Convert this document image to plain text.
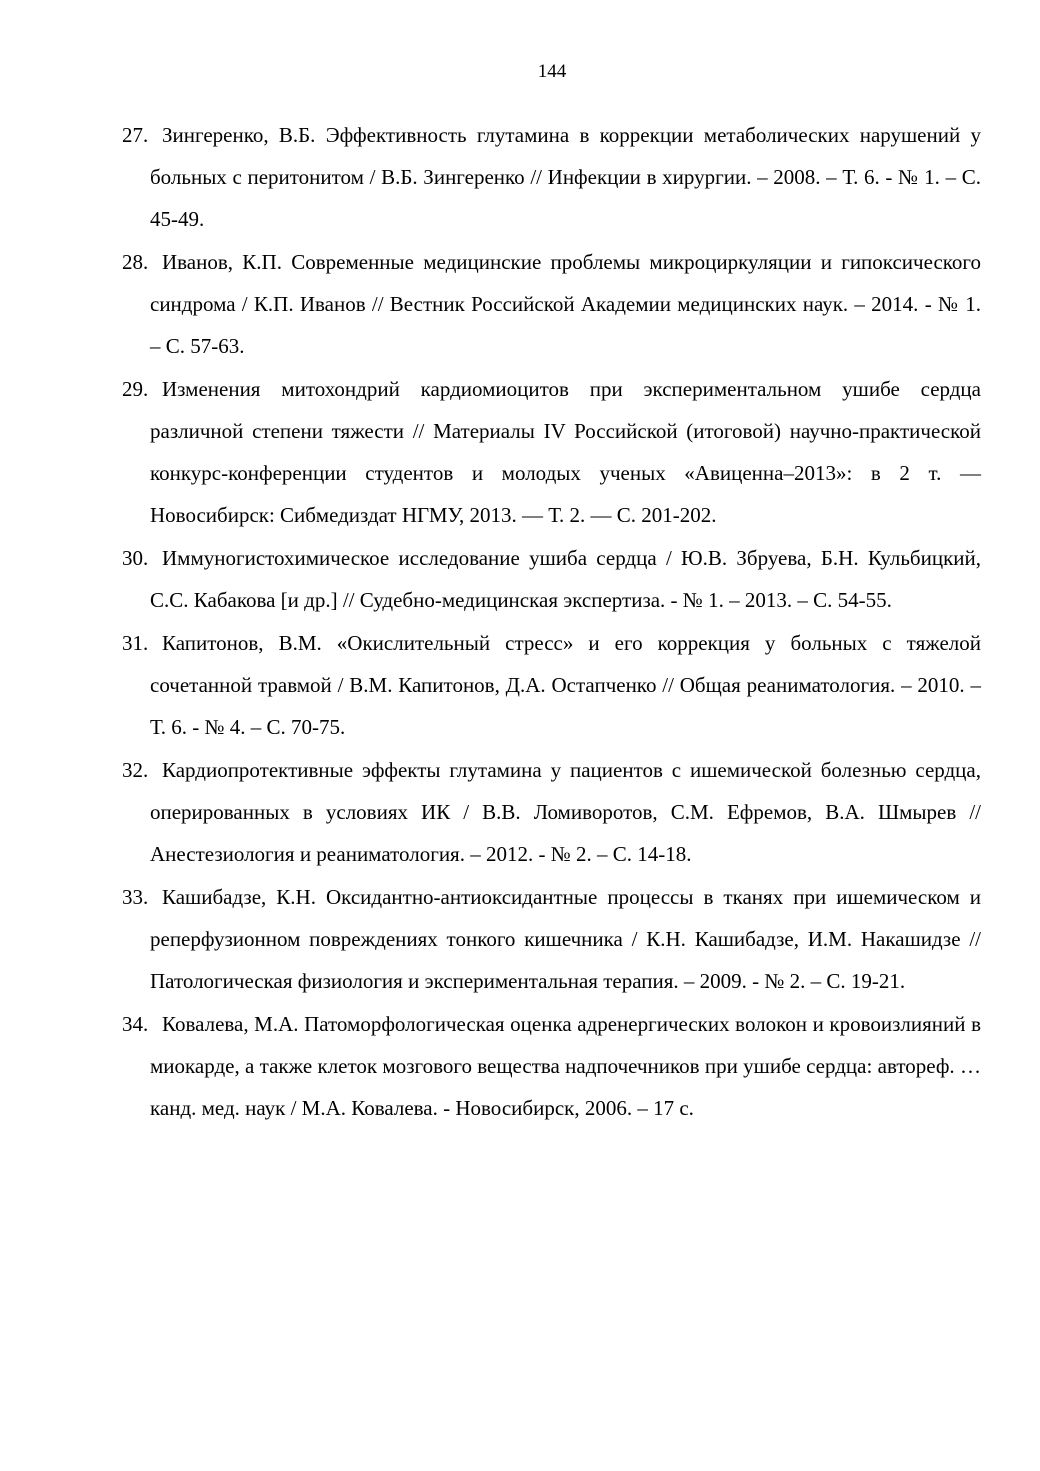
144
27. Зингеренко, В.Б. Эффективность глутамина в коррекции метаболических нарушений у больных с перитонитом / В.Б. Зингеренко // Инфекции в хирургии. – 2008. – Т. 6. - № 1. – С. 45-49.
28. Иванов, К.П. Современные медицинские проблемы микроциркуляции и гипоксического синдрома / К.П. Иванов // Вестник Российской Академии медицинских наук. – 2014. - № 1. – С. 57-63.
29. Изменения митохондрий кардиомиоцитов при экспериментальном ушибе сердца различной степени тяжести // Материалы IV Российской (итоговой) научно-практической конкурс-конференции студентов и молодых ученых «Авиценна–2013»: в 2 т. — Новосибирск: Сибмедиздат НГМУ, 2013. — Т. 2. — С. 201-202.
30. Иммуногистохимическое исследование ушиба сердца / Ю.В. Збруева, Б.Н. Кульбицкий, С.С. Кабакова [и др.] // Судебно-медицинская экспертиза. - № 1. – 2013. – С. 54-55.
31. Капитонов, В.М. «Окислительный стресс» и его коррекция у больных с тяжелой сочетанной травмой / В.М. Капитонов, Д.А. Остапченко // Общая реаниматология. – 2010. – Т. 6. - № 4. – С. 70-75.
32. Кардиопротективные эффекты глутамина у пациентов с ишемической болезнью сердца, оперированных в условиях ИК / В.В. Ломиворотов, С.М. Ефремов, В.А. Шмырев // Анестезиология и реаниматология. – 2012. - № 2. – С. 14-18.
33. Кашибадзе, К.Н. Оксидантно-антиоксидантные процессы в тканях при ишемическом и реперфузионном повреждениях тонкого кишечника / К.Н. Кашибадзе, И.М. Накашидзе // Патологическая физиология и экспериментальная терапия. – 2009. - № 2. – С. 19-21.
34. Ковалева, М.А. Патоморфологическая оценка адренергических волокон и кровоизлияний в миокарде, а также клеток мозгового вещества надпочечников при ушибе сердца: автореф. … канд. мед. наук / М.А. Ковалева. - Новосибирск, 2006. – 17 с.
